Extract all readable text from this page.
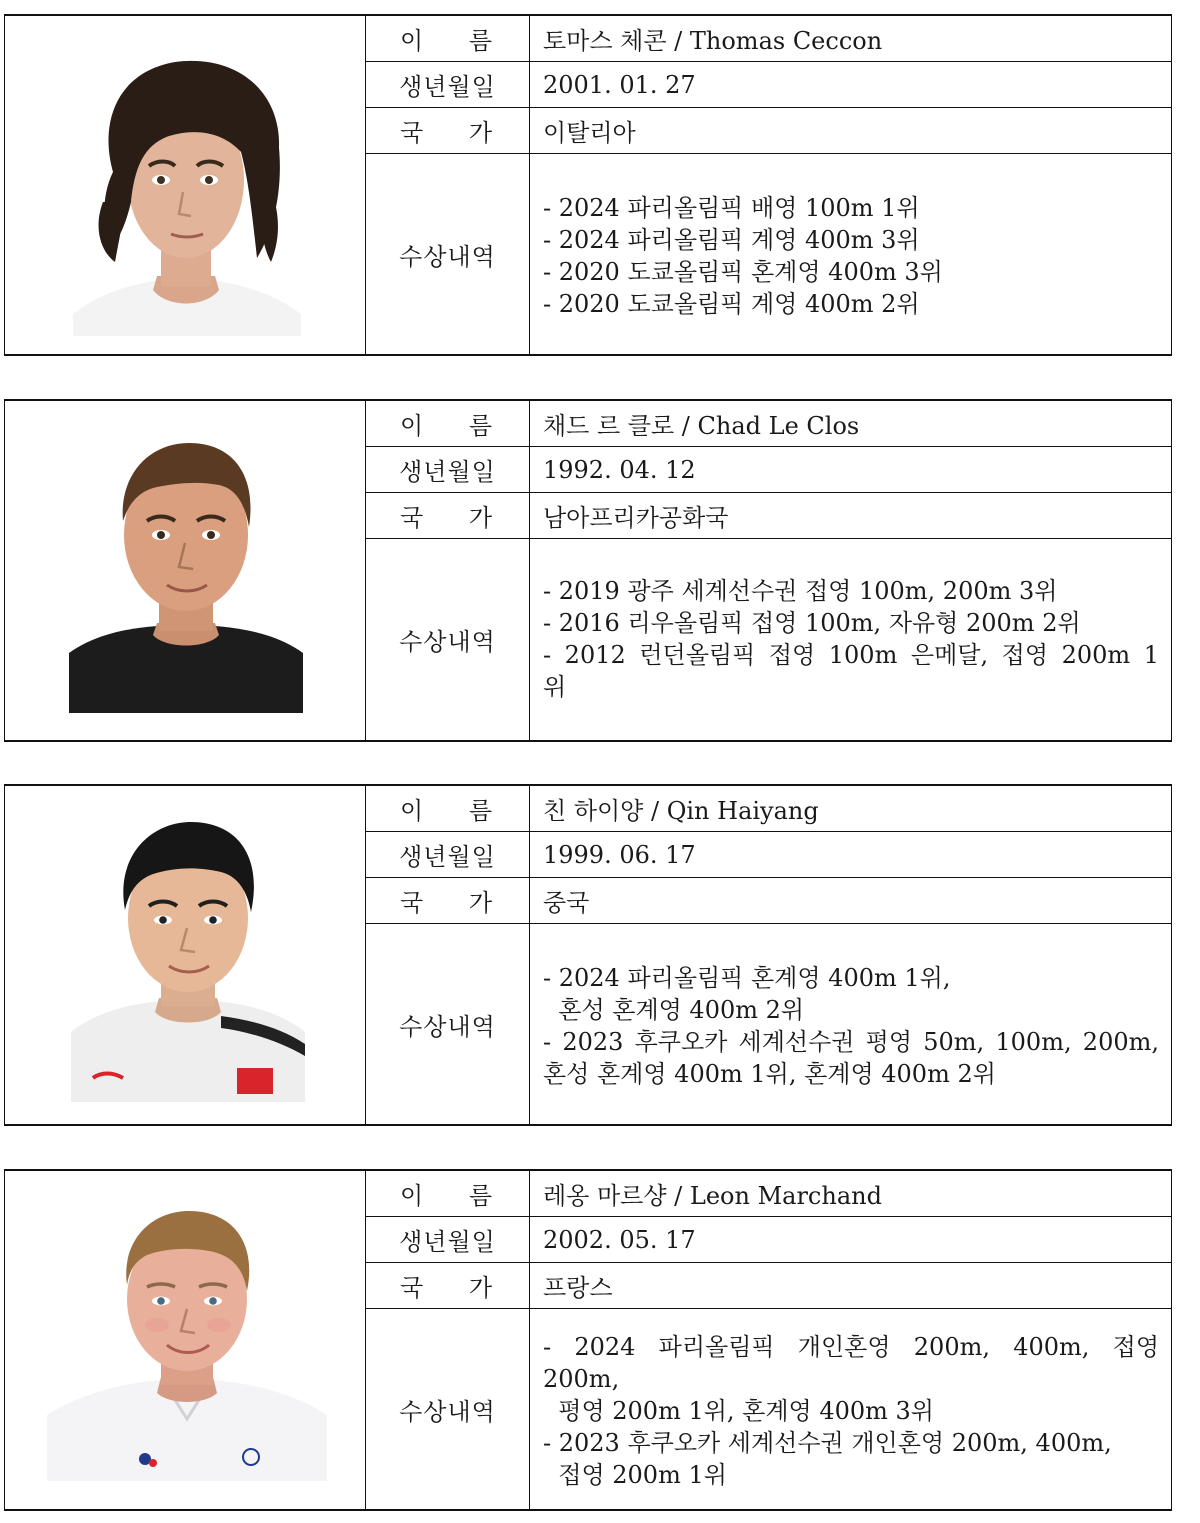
이 름
생년월일
국 가
수상내역
토마스 체콘 / Thomas Ceccon
2001. 01. 27
이탈리아
- 2024 파리올림픽 배영 100m 1위
- 2024 파리올림픽 계영 400m 3위
- 2020 도쿄올림픽 혼계영 400m 3위
- 2020 도쿄올림픽 계영 400m 2위
이 름
생년월일
국 가
수상내역
채드 르 클로 / Chad Le Clos
1992. 04. 12
남아프리카공화국
- 2019 광주 세계선수권 접영 100m, 200m 3위
- 2016 리우올림픽 접영 100m, 자유형 200m 2위
- 2012 런던올림픽 접영 100m 은메달, 접영 200m 1
위
이 름
생년월일
국 가
수상내역
친 하이양 / Qin Haiyang
1999. 06. 17
중국
- 2024 파리올림픽 혼계영 400m 1위,
혼성 혼계영 400m 2위
- 2023 후쿠오카 세계선수권 평영 50m, 100m, 200m,
혼성 혼계영 400m 1위, 혼계영 400m 2위
이 름
생년월일
국 가
수상내역
레옹 마르샹 / Leon Marchand
2002. 05. 17
프랑스
- 2024 파리올림픽 개인혼영 200m, 400m, 접영
200m,
평영 200m 1위, 혼계영 400m 3위
- 2023 후쿠오카 세계선수권 개인혼영 200m, 400m,
접영 200m 1위
